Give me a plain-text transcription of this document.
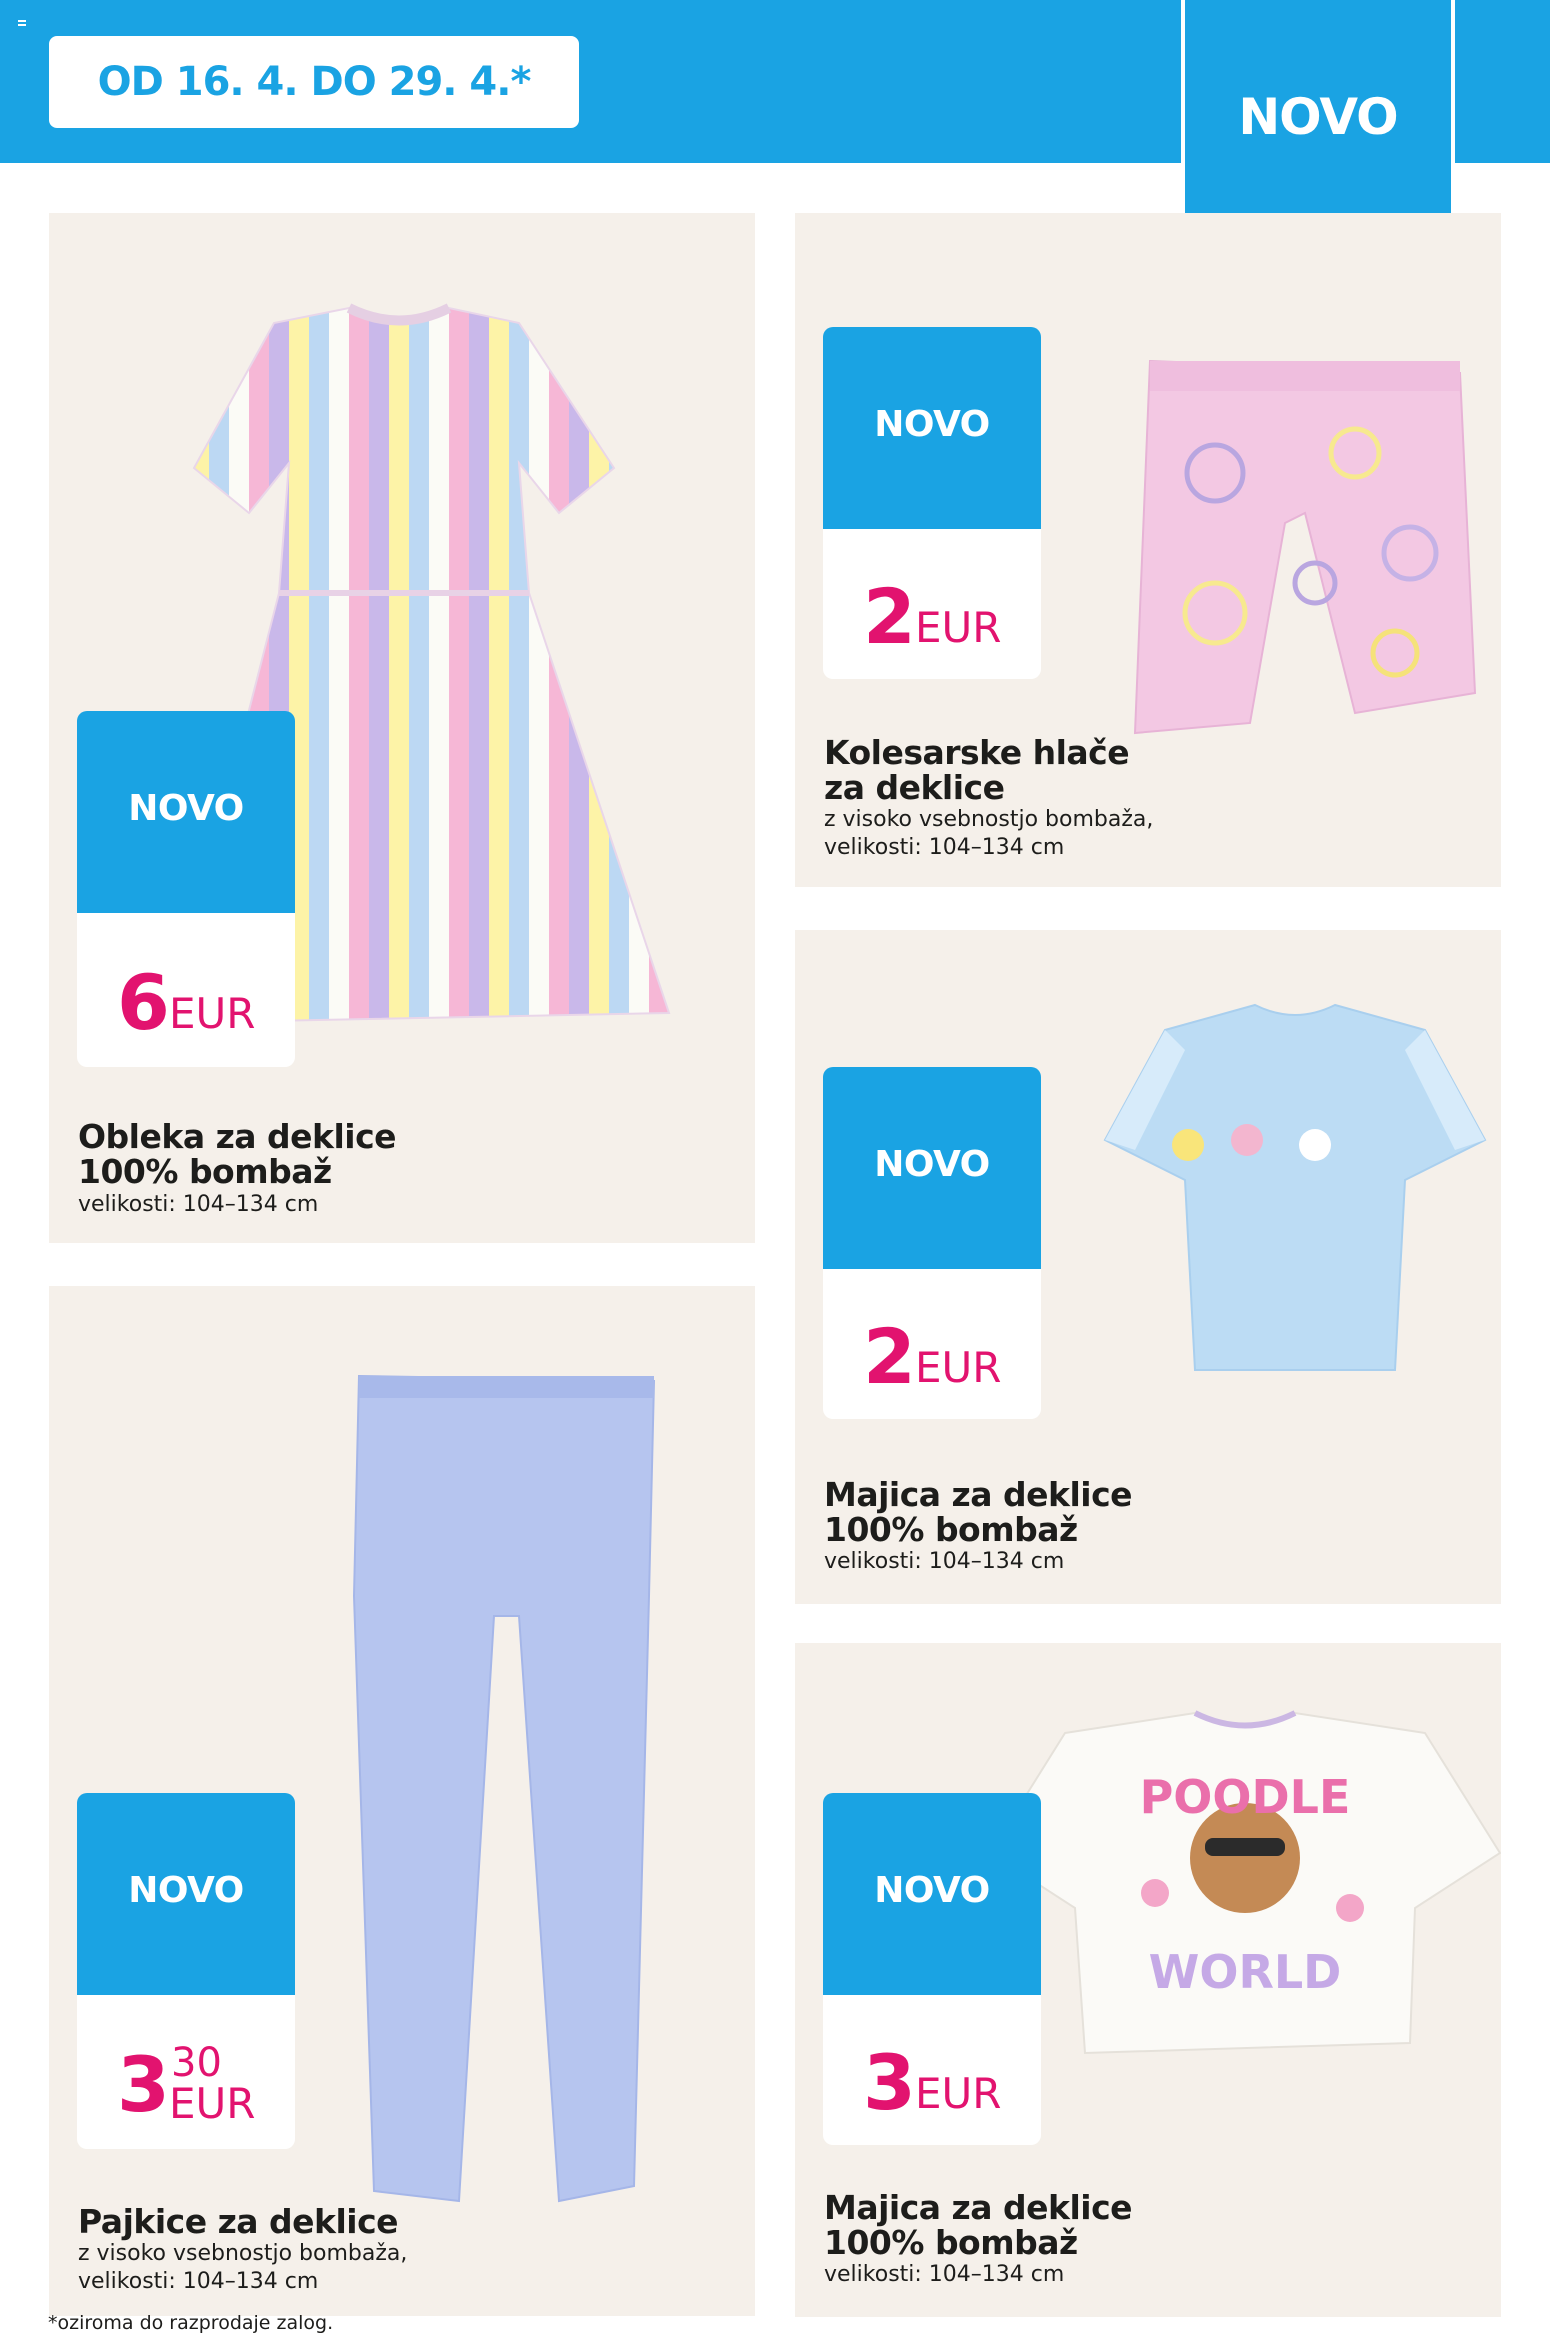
OD 16. 4. DO 29. 4.*
NOVO
NOVO
6 EUR
Obleka za deklice
100% bombaž
velikosti: 104–134 cm
NOVO
2 EUR
Kolesarske hlače
za deklice
z visoko vsebnostjo bombaža,
velikosti: 104–134 cm
NOVO
2 EUR
Majica za deklice
100% bombaž
velikosti: 104–134 cm
NOVO
3 30
EUR
Pajkice za deklice
z visoko vsebnostjo bombaža,
velikosti: 104–134 cm
POODLE
WORLD
NOVO
3 EUR
Majica za deklice
100% bombaž
velikosti: 104–134 cm
*oziroma do razprodaje zalog.
